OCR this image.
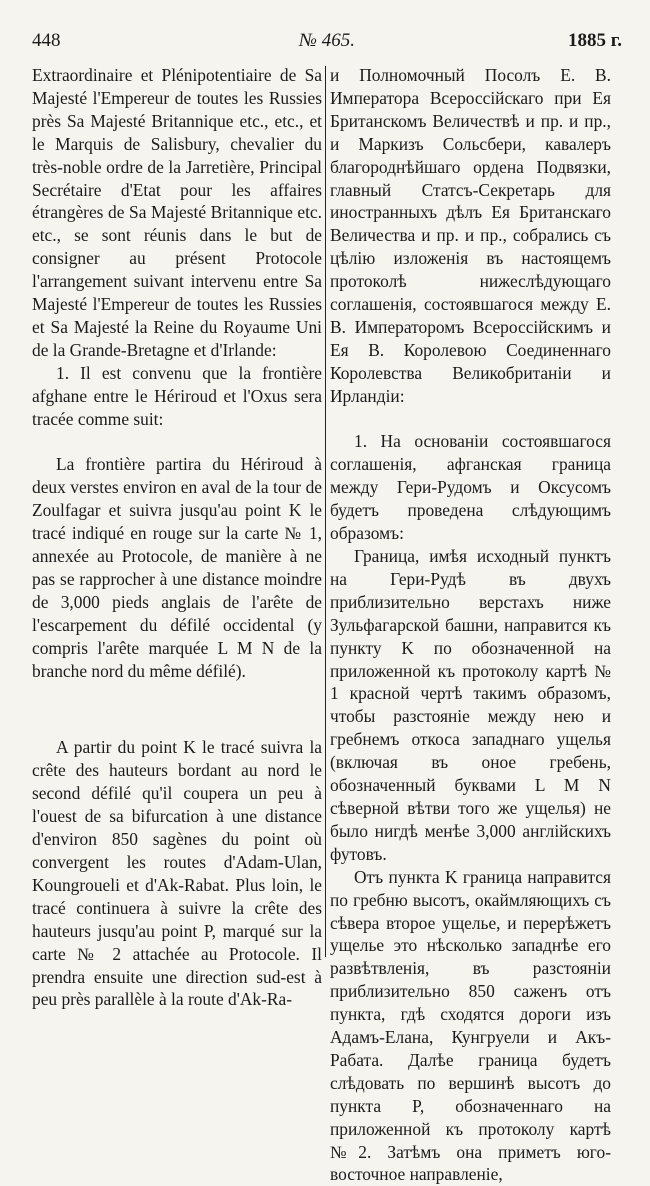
448	№ 465.	1885 г.

Extraordinaire et Plénipotentiaire de Sa Majesté l'Empereur de toutes les Russies près Sa Majesté Britannique etc., etc., et le Marquis de Salisbury, chevalier du très-noble ordre de la Jarretière, Principal Secrétaire d'Etat pour les affaires étrangères de Sa Majesté Britannique etc. etc., se sont réunis dans le but de consigner au présent Protocole l'arrangement suivant intervenu entre Sa Majesté l'Empereur de toutes les Russies et Sa Majesté la Reine du Royaume Uni de la Grande-Bretagne et d'Irlande:

1. Il est convenu que la frontière afghane entre le Hériroud et l'Oxus sera tracée comme suit:

La frontière partira du Hériroud à deux verstes environ en aval de la tour de Zoulfagar et suivra jusqu'au point K le tracé indiqué en rouge sur la carte № 1, annexée au Protocole, de manière à ne pas se rapprocher à une distance moindre de 3,000 pieds anglais de l'arête de l'escarpement du défilé occidental (y compris l'arête marquée L M N de la branche nord du même défilé).

A partir du point K le tracé suivra la crête des hauteurs bordant au nord le second défilé qu'il coupera un peu à l'ouest de sa bifurcation à une distance d'environ 850 sagènes du point où convergent les routes d'Adam-Ulan, Koungroueli et d'Ak-Rabat. Plus loin, le tracé continuera à suivre la crête des hauteurs jusqu'au point P, marqué sur la carte № 2 attachée au Protocole. Il prendra ensuite une direction sud-est à peu près parallèle à la route d'Ak-Ra-

и Полномочный Посолъ Е. В. Императора Всероссійскаго при Ея Британскомъ Величествѣ и пр. и пр., и Маркизъ Сольсбери, кавалеръ благороднѣйшаго ордена Подвязки, главный Статсъ-Секретарь для иностранныхъ дѣлъ Ея Британскаго Величества и пр. и пр., собрались съ цѣлію изложенія въ настоящемъ протоколѣ нижеслѣдующаго соглашенія, состоявшагося между Е. В. Императоромъ Всероссійскимъ и Ея В. Королевою Соединеннаго Королевства Великобританіи и Ирландіи:

1. На основаніи состоявшагося соглашенія, афганская граница между Гери-Рудомъ и Оксусомъ будетъ проведена слѣдующимъ образомъ:

Граница, имѣя исходный пунктъ на Гери-Рудѣ въ двухъ приблизительно верстахъ ниже Зульфагарской башни, направится къ пункту K по обозначенной на приложенной къ протоколу картѣ № 1 красной чертѣ такимъ образомъ, чтобы разстояніе между нею и гребнемъ откоса западнаго ущелья (включая въ оное гребень, обозначенный буквами L M N сѣверной вѣтви того же ущелья) не было нигдѣ менѣе 3,000 англійскихъ футовъ.

Отъ пункта K граница направится по гребню высотъ, окаймляющихъ съ сѣвера второе ущелье, и перерѣжетъ ущелье это нѣсколько западнѣе его развѣтвленія, въ разстояніи приблизительно 850 саженъ отъ пункта, гдѣ сходятся дороги изъ Адамъ-Елана, Кунгруели и Акъ-Рабата. Далѣе граница будетъ слѣдовать по вершинѣ высотъ до пункта P, обозначеннаго на приложенной къ протоколу картѣ №2. Затѣмъ она приметъ юго-восточное направленіе,
